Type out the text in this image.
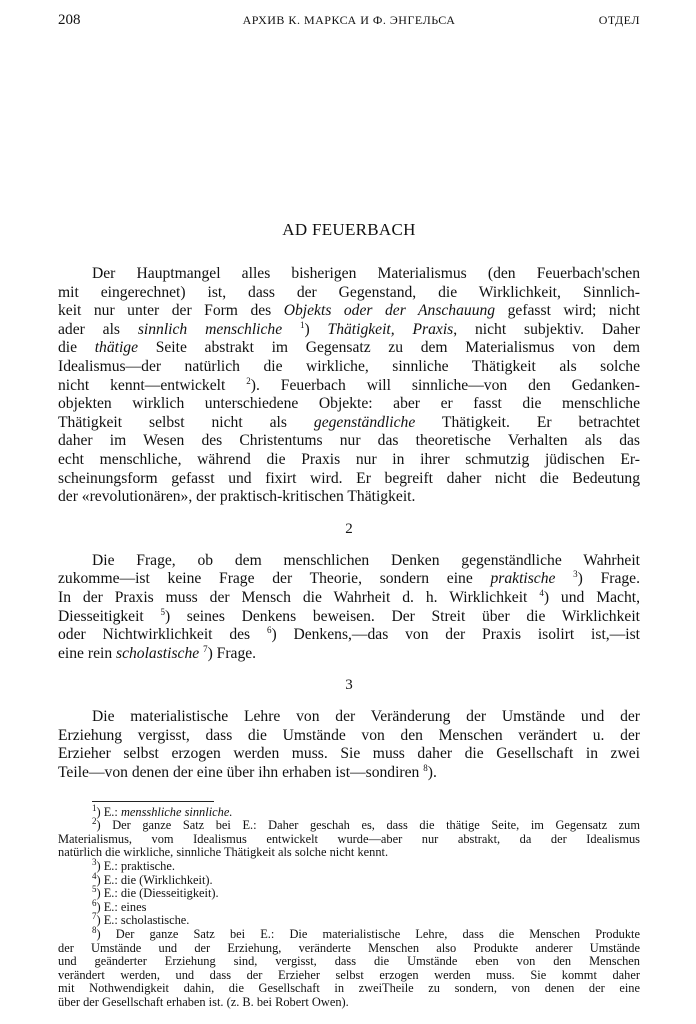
208	АРХИВ К. МАРКСА И Ф. ЭНГЕЛЬСА	ОТДЕЛ
AD FEUERBACH
Der Hauptmangel alles bisherigen Materialismus (den Feuerbach'schen
mit eingerechnet) ist, dass der Gegenstand, die Wirklichkeit, Sinnlich-
keit nur unter der Form des Objekts oder der Anschauung gefasst wird; nicht
ader als sinnlich menschliche $^1$) Thätigkeit, Praxis, nicht subjektiv. Daher
die thätige Seite abstrakt im Gegensatz zu dem Materialismus von dem
Idealismus—der natürlich die wirkliche, sinnliche Thätigkeit als solche
nicht kennt—entwickelt $^2$). Feuerbach will sinnliche—von den Gedanken-
objekten wirklich unterschiedene Objekte: aber er fasst die menschliche
Thätigkeit selbst nicht als gegenständliche Thätigkeit. Er betrachtet
daher im Wesen des Christentums nur das theoretische Verhalten als das
echt menschliche, während die Praxis nur in ihrer schmutzig jüdischen Er-
scheinungsform gefasst und fixirt wird. Er begreift daher nicht die Bedeutung
der «revolutionären», der praktisch-kritischen Thätigkeit.
2
Die Frage, ob dem menschlichen Denken gegenständliche Wahrheit
zukomme—ist keine Frage der Theorie, sondern eine praktische $^3$) Frage.
In der Praxis muss der Mensch die Wahrheit d. h. Wirklichkeit $^4$) und Macht,
Diesseitigkeit $^5$) seines Denkens beweisen. Der Streit über die Wirklichkeit
oder Nichtwirklichkeit des $^6$) Denkens,—das von der Praxis isolirt ist,—ist
eine rein scholastische $^7$) Frage.
3
Die materialistische Lehre von der Veränderung der Umstände und der
Erziehung vergisst, dass die Umstände von den Menschen verändert u. der
Erzieher selbst erzogen werden muss. Sie muss daher die Gesellschaft in zwei
Teile—von denen der eine über ihn erhaben ist—sondiren $^8$).
$^1$) E.: mensshliche sinnliche.
$^2$) Der ganze Satz bei E.: Daher geschah es, dass die thätige Seite, im Gegensatz zum
Materialismus, vom Idealismus entwickelt wurde—aber nur abstrakt, da der Idealismus
natürlich die wirkliche, sinnliche Thätigkeit als solche nicht kennt.
$^3$) E.: praktische.
$^4$) E.: die (Wirklichkeit).
$^5$) E.: die (Diesseitigkeit).
$^6$) E.: eines
$^7$) E.: scholastische.
$^8$) Der ganze Satz bei E.: Die materialistische Lehre, dass die Menschen Produkte
der Umstände und der Erziehung, veränderte Menschen also Produkte anderer Umstände
und geänderter Erziehung sind, vergisst, dass die Umstände eben von den Menschen
verändert werden, und dass der Erzieher selbst erzogen werden muss. Sie kommt daher
mit Nothwendigkeit dahin, die Gesellschaft in zweiTheile zu sondern, von denen der eine
über der Gesellschaft erhaben ist. (z. B. bei Robert Owen).
